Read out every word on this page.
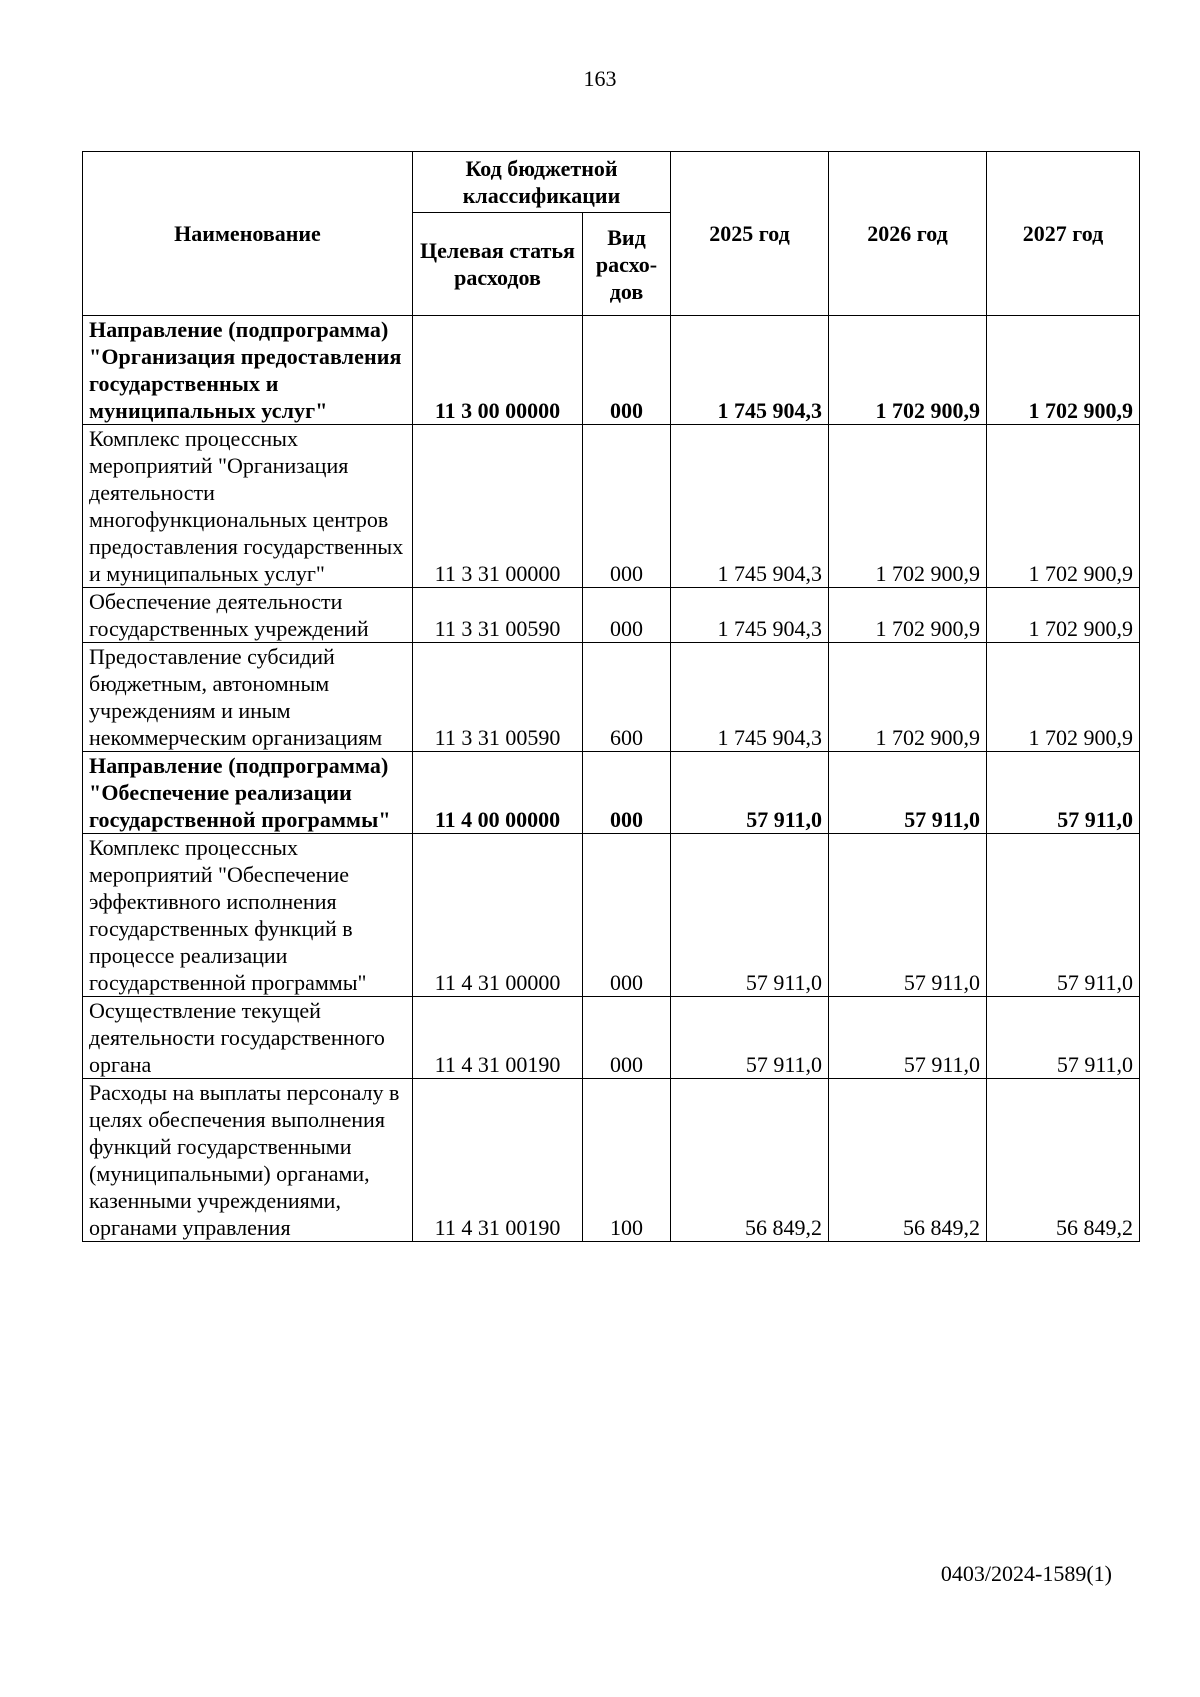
163
Наименование	Код бюджетной классификации		2025 год	2026 год	2027 год
	Целевая статья расходов	Вид расхо-дов			
Направление (подпрограмма) "Организация предоставления государственных и муниципальных услуг"	11 3 00 00000	000	1 745 904,3	1 702 900,9	1 702 900,9
Комплекс процессных мероприятий "Организация деятельности многофункциональных центров предоставления государственных и муниципальных услуг"	11 3 31 00000	000	1 745 904,3	1 702 900,9	1 702 900,9
Обеспечение деятельности государственных учреждений	11 3 31 00590	000	1 745 904,3	1 702 900,9	1 702 900,9
Предоставление субсидий бюджетным, автономным учреждениям и иным некоммерческим организациям	11 3 31 00590	600	1 745 904,3	1 702 900,9	1 702 900,9
Направление (подпрограмма) "Обеспечение реализации государственной программы"	11 4 00 00000	000	57 911,0	57 911,0	57 911,0
Комплекс процессных мероприятий "Обеспечение эффективного исполнения государственных функций в процессе реализации государственной программы"	11 4 31 00000	000	57 911,0	57 911,0	57 911,0
Осуществление текущей деятельности государственного органа	11 4 31 00190	000	57 911,0	57 911,0	57 911,0
Расходы на выплаты персоналу в целях обеспечения выполнения функций государственными (муниципальными) органами, казенными учреждениями, органами управления	11 4 31 00190	100	56 849,2	56 849,2	56 849,2
0403/2024-1589(1)
